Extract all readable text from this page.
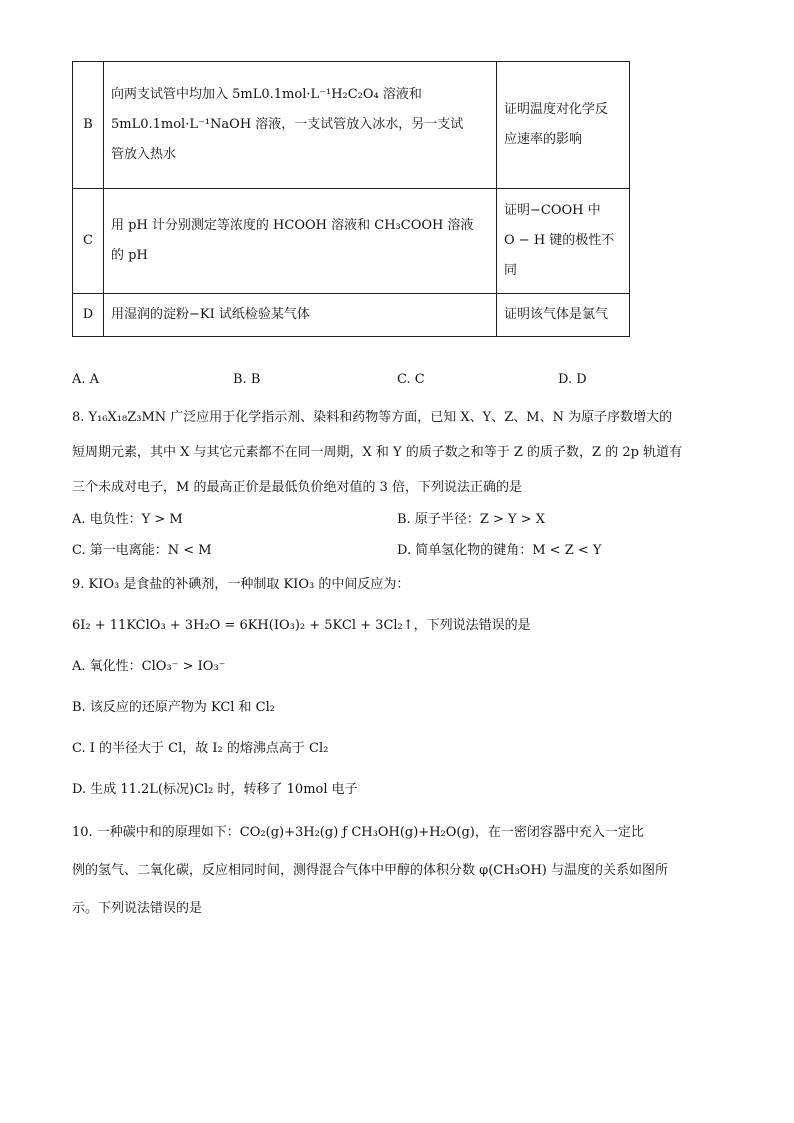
B	向两支试管中均加入 5mL0.1mol·L⁻¹H₂C₂O₄ 溶液和
5mL0.1mol·L⁻¹NaOH 溶液，一支试管放入冰水，另一支试
管放入热水	证明温度对化学反
应速率的影响

C	用 pH 计分别测定等浓度的 HCOOH 溶液和 CH₃COOH 溶液
的 pH	证明−COOH 中
O − H 键的极性不
同

D	用湿润的淀粉−KI 试纸检验某气体	证明该气体是氯气
A. A	B. B	C. C	D. D
8. Y₁₆X₁₈Z₃MN 广泛应用于化学指示剂、染料和药物等方面，已知 X、Y、Z、M、N 为原子序数增大的
短周期元素，其中 X 与其它元素都不在同一周期，X 和 Y 的质子数之和等于 Z 的质子数，Z 的 2p 轨道有
三个未成对电子，M 的最高正价是最低负价绝对值的 3 倍，下列说法正确的是
A. 电负性：Y > M	B. 原子半径：Z > Y > X
C. 第一电离能：N < M	D. 简单氢化物的键角：M < Z < Y
9. KIO₃ 是食盐的补碘剂，一种制取 KIO₃ 的中间反应为：
6I₂ + 11KClO₃ + 3H₂O = 6KH(IO₃)₂ + 5KCl + 3Cl₂↑，下列说法错误的是
A. 氧化性：ClO₃⁻ > IO₃⁻
B. 该反应的还原产物为 KCl 和 Cl₂
C. I 的半径大于 Cl，故 I₂ 的熔沸点高于 Cl₂
D. 生成 11.2L(标况)Cl₂ 时，转移了 10mol 电子
10. 一种碳中和的原理如下：CO₂(g)+3H₂(g) ƒ CH₃OH(g)+H₂O(g)，在一密闭容器中充入一定比
例的氢气、二氧化碳，反应相同时间，测得混合气体中甲醇的体积分数 φ(CH₃OH) 与温度的关系如图所
示。下列说法错误的是
